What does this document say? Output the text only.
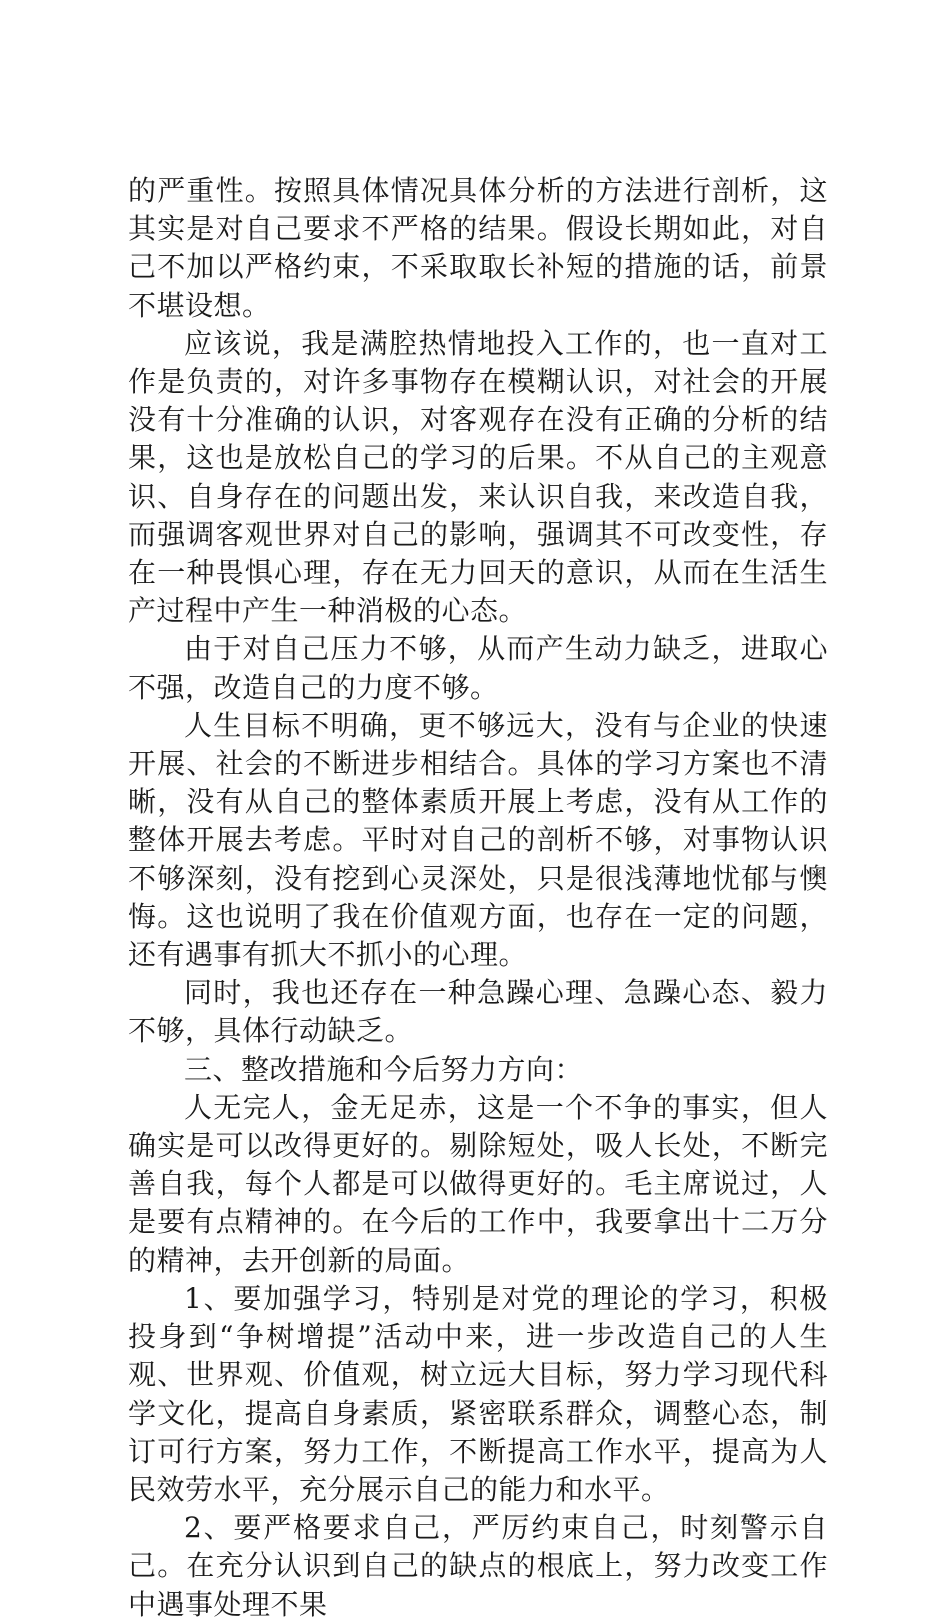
的严重性。按照具体情况具体分析的方法进行剖析，这其实是对自己要求不严格的结果。假设长期如此，对自己不加以严格约束，不采取取长补短的措施的话，前景不堪设想。

应该说，我是满腔热情地投入工作的，也一直对工作是负责的，对许多事物存在模糊认识，对社会的开展没有十分准确的认识，对客观存在没有正确的分析的结果，这也是放松自己的学习的后果。不从自己的主观意识、自身存在的问题出发，来认识自我，来改造自我，而强调客观世界对自己的影响，强调其不可改变性，存在一种畏惧心理，存在无力回天的意识，从而在生活生产过程中产生一种消极的心态。

由于对自己压力不够，从而产生动力缺乏，进取心不强，改造自己的力度不够。

人生目标不明确，更不够远大，没有与企业的快速开展、社会的不断进步相结合。具体的学习方案也不清晰，没有从自己的整体素质开展上考虑，没有从工作的整体开展去考虑。平时对自己的剖析不够，对事物认识不够深刻，没有挖到心灵深处，只是很浅薄地忧郁与懊悔。这也说明了我在价值观方面，也存在一定的问题，还有遇事有抓大不抓小的心理。

同时，我也还存在一种急躁心理、急躁心态、毅力不够，具体行动缺乏。

三、整改措施和今后努力方向：

人无完人，金无足赤，这是一个不争的事实，但人确实是可以改得更好的。剔除短处，吸人长处，不断完善自我，每个人都是可以做得更好的。毛主席说过，人是要有点精神的。在今后的工作中，我要拿出十二万分的精神，去开创新的局面。

1、要加强学习，特别是对党的理论的学习，积极投身到“争树增提”活动中来，进一步改造自己的人生观、世界观、价值观，树立远大目标，努力学习现代科学文化，提高自身素质，紧密联系群众，调整心态，制订可行方案，努力工作，不断提高工作水平，提高为人民效劳水平，充分展示自己的能力和水平。

2、要严格要求自己，严厉约束自己，时刻警示自己。在充分认识到自己的缺点的根底上，努力改变工作中遇事处理不果
